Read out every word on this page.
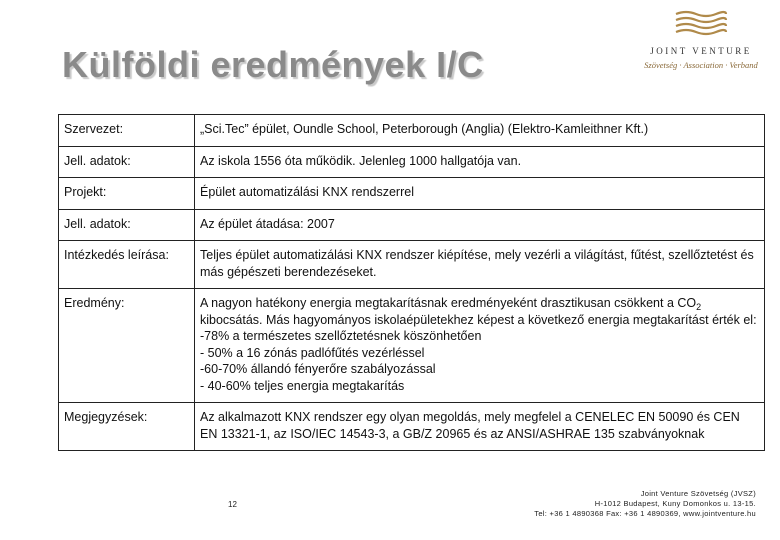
Külföldi eredmények I/C	JOINT VENTURE
Szövetség · Association · Verband
Szervezet:	„Sci.Tec” épület, Oundle School, Peterborough (Anglia) (Elektro-Kamleithner Kft.)
Jell. adatok:	Az iskola 1556 óta működik. Jelenleg 1000 hallgatója van.
Projekt:	Épület automatizálási KNX rendszerrel
Jell. adatok:	Az épület átadása: 2007
Intézkedés leírása:	Teljes épület automatizálási KNX rendszer kiépítése, mely vezérli a világítást, fűtést, szellőztetést és más gépészeti berendezéseket.
Eredmény:	A nagyon hatékony energia megtakarításnak eredményeként drasztikusan csökkent a $CO_2$ kibocsátás. Más hagyományos iskolaépületekhez képest a következő energia megtakarítást érték el:
-78% a természetes szellőztetésnek köszönhetően
- 50% a 16 zónás padlófűtés vezérléssel
-60-70% állandó fényerőre szabályozással
- 40-60% teljes energia megtakarítás

Megjegyzések:	Az alkalmazott KNX rendszer egy olyan megoldás, mely megfelel a CENELEC EN 50090 és CEN EN 13321-1, az ISO/IEC 14543-3, a GB/Z 20965 és az ANSI/ASHRAE 135 szabványoknak
12
Joint Venture Szövetség (JVSZ)
H-1012 Budapest, Kuny Domonkos u. 13-15.
Tel: +36 1 4890368 Fax: +36 1 4890369, www.jointventure.hu
